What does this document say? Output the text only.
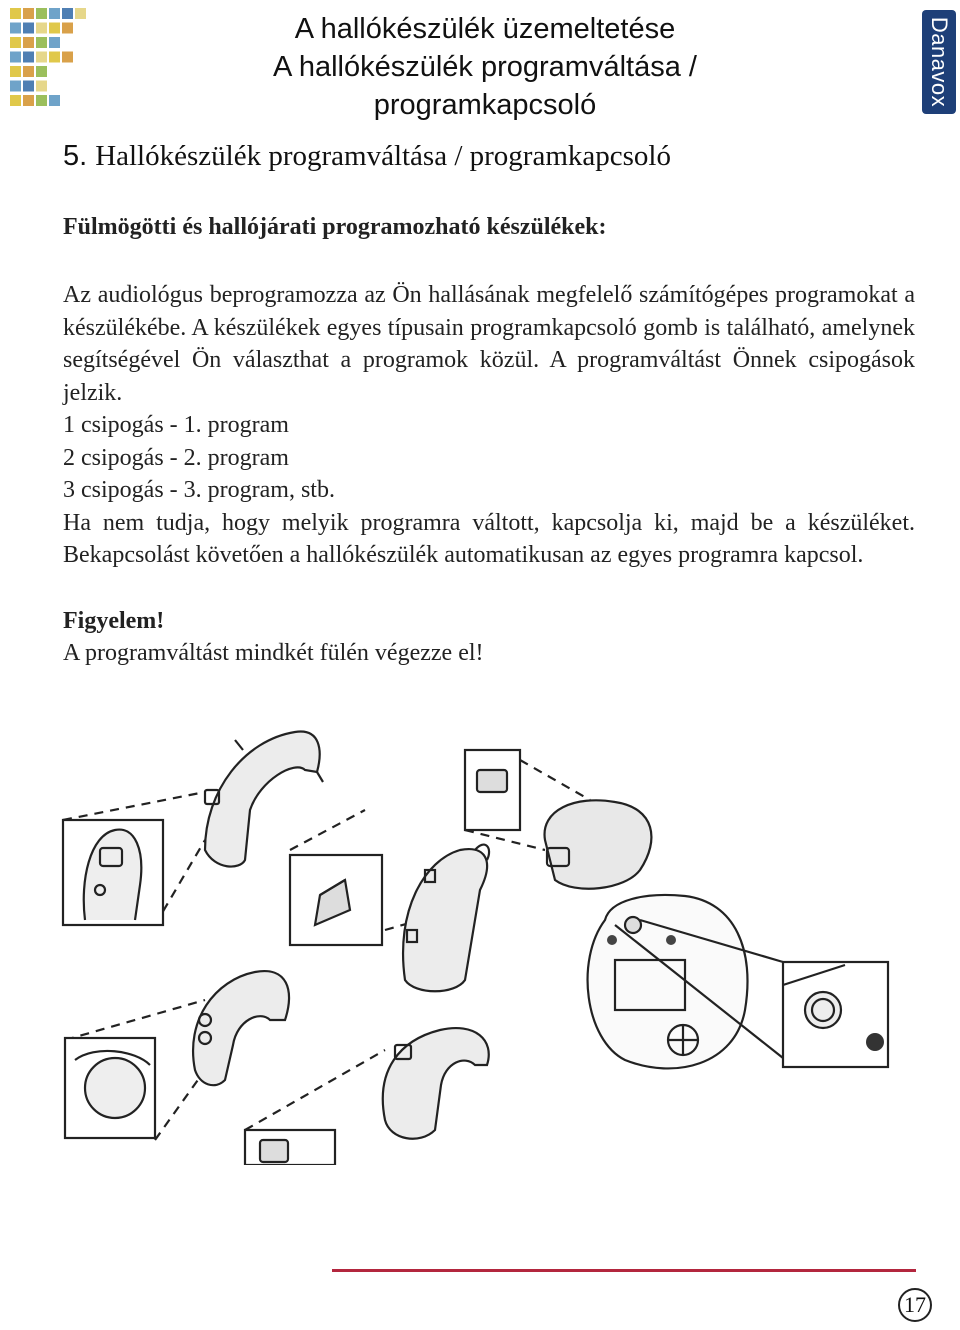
A hallókészülék üzemeltetése
A hallókészülék programváltása /
programkapcsoló	Danavox
5. Hallókészülék programváltása / programkapcsoló
Fülmögötti és hallójárati programozható készülékek:

Az audiológus beprogramozza az Ön hallásának megfelelő számítógépes programokat a készülékébe. A készülékek egyes típusain programkapcsoló gomb is található, amelynek segítségével Ön választhat a programok közül. A programváltást Önnek csipogások jelzik.

1 csipogás - 1. program

2 csipogás - 2. program

3 csipogás - 3. program, stb.

Ha nem tudja, hogy melyik programra váltott, kapcsolja ki, majd be a készüléket. Bekapcsolást követően a hallókészülék automatikusan az egyes programra kapcsol.

Figyelem!

A programváltást mindkét fülén végezze el!

17
